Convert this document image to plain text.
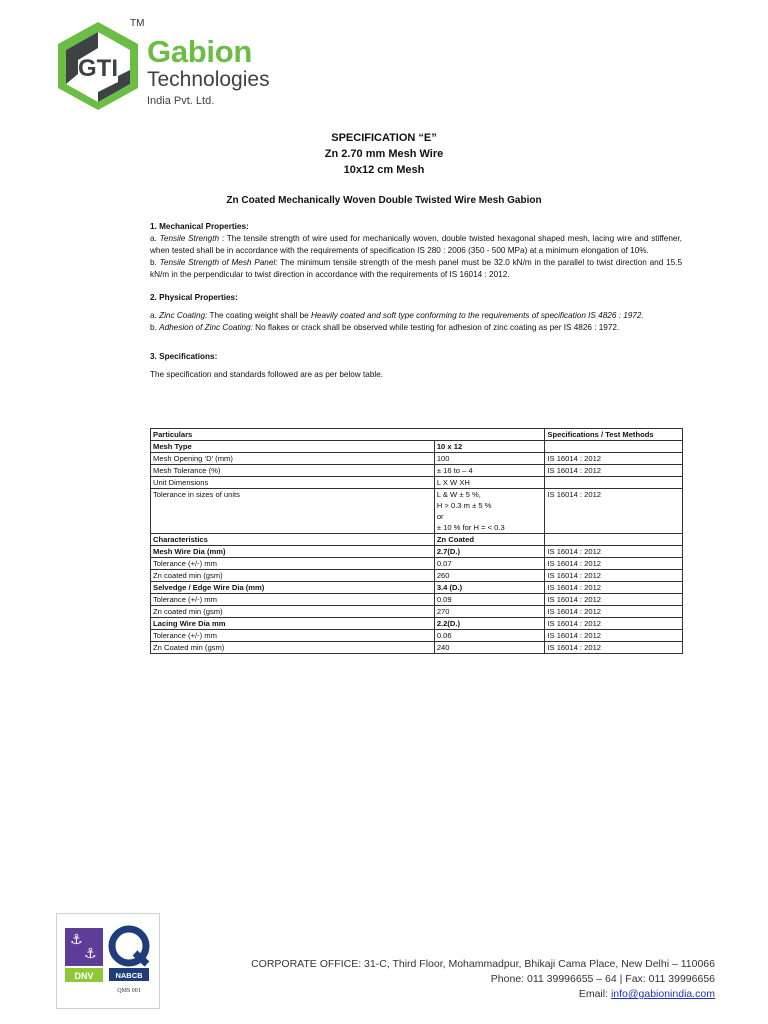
GTI
TM
Gabion
Technologies
India Pvt. Ltd.
SPECIFICATION “E”
Zn 2.70 mm Mesh Wire
10x12 cm Mesh
Zn Coated Mechanically Woven Double Twisted Wire Mesh Gabion

1. Mechanical Properties:

a. Tensile Strength : The tensile strength of wire used for mechanically woven, double twisted hexagonal shaped mesh, lacing wire and stiffener, when tested shall be in accordance with the requirements of specification IS 280 : 2006 (350 - 500 MPa) at a minimum elongation of 10%.

b. Tensile Strength of Mesh Panel: The minimum tensile strength of the mesh panel must be 32.0 kN/m in the parallel to twist direction and 15.5 kN/m in the perpendicular to twist direction in accordance with the requirements of IS 16014 : 2012.

2. Physical Properties:

a. Zinc Coating: The coating weight shall be Heavily coated and soft type conforming to the requirements of specification IS 4826 : 1972.

b. Adhesion of Zinc Coating: No flakes or crack shall be observed while testing for adhesion of zinc coating as per IS 4826 : 1972.

3. Specifications:

The specification and standards followed are as per below table.

Particulars		Specifications / Test Methods
Mesh Type	10 x 12	
Mesh Opening ‘D’ (mm)	100	IS 16014 : 2012
Mesh Tolerance (%)	± 16 to – 4	IS 16014 : 2012
Unit Dimensions	L X W XH	
Tolerance in sizes of units	L & W ± 5 %,
H > 0.3 m ± 5 %
or
± 10 % for H = < 0.3	IS 16014 : 2012
Characteristics	Zn Coated	
Mesh Wire Dia (mm)	2.7(D.)	IS 16014 : 2012
Tolerance (+/-) mm	0.07	IS 16014 : 2012
Zn coated min (gsm)	260	IS 16014 : 2012
Selvedge / Edge Wire Dia (mm)	3.4 (D.)	IS 16014 : 2012
Tolerance (+/-) mm	0.09	IS 16014 : 2012
Zn coated min (gsm)	270	IS 16014 : 2012
Lacing Wire Dia mm	2.2(D.)	IS 16014 : 2012
Tolerance (+/-) mm	0.06	IS 16014 : 2012
Zn Coated min (gsm)	240	IS 16014 : 2012
⚓
⚓
DNV	NABCB
QMS 001
CORPORATE OFFICE: 31-C, Third Floor, Mohammadpur, Bhikaji Cama Place, New Delhi – 110066
Phone: 011 39996655 – 64 | Fax: 011 39996656
Email: info@gabionindia.com
